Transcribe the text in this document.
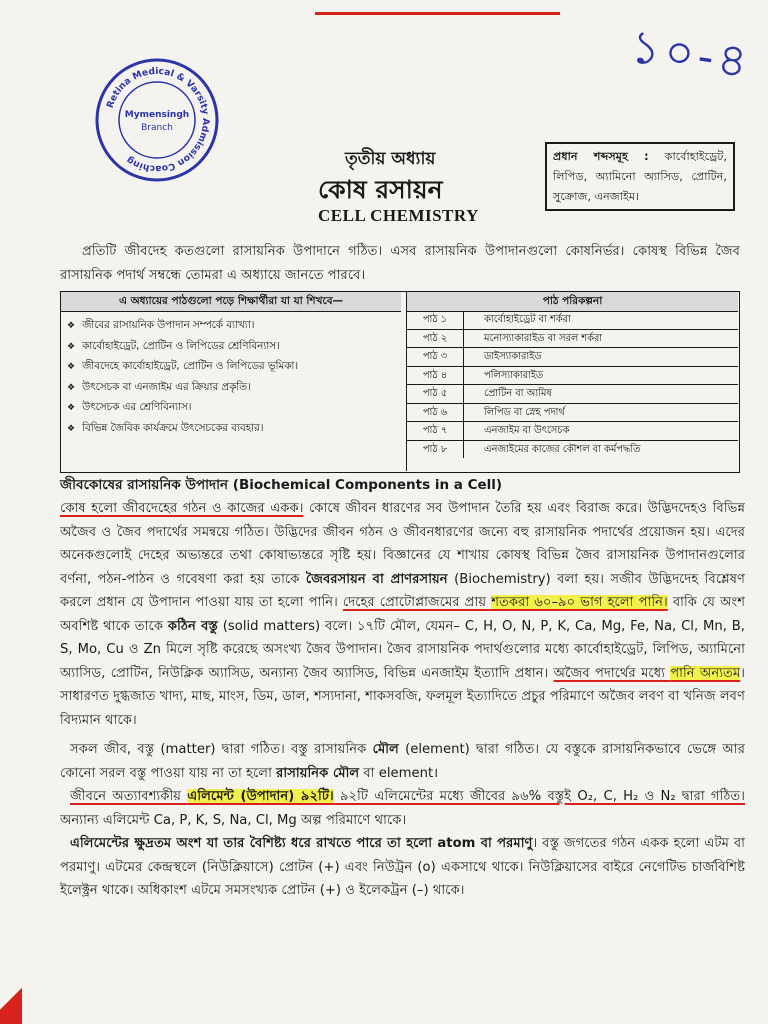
১০-৪
Retina Medical & Varsity Admission Coaching
Mymensingh
Branch
তৃতীয় অধ্যায়
কোষ রসায়ন
CELL CHEMISTRY
প্রধান শব্দসমূহ : কার্বোহাইড্রেট, লিপিড, অ্যামিনো অ্যাসিড, প্রোটিন, সুক্রোজ, এনজাইম।
প্রতিটি জীবদেহ কতগুলো রাসায়নিক উপাদানে গঠিত। এসব রাসায়নিক উপাদানগুলো কোষনির্ভর। কোষস্থ বিভিন্ন জৈব রাসায়নিক পদার্থ সম্বন্ধে তোমরা এ অধ্যায়ে জানতে পারবে।
এ অধ্যায়ের পাঠগুলো পড়ে শিক্ষার্থীরা যা যা শিখবে—	পাঠ পরিকল্পনা
❖ জীবের রাসায়নিক উপাদান সম্পর্কে ব্যাখ্যা।
❖ কার্বোহাইড্রেট, প্রোটিন ও লিপিডের শ্রেণিবিন্যাস।
❖ জীবদেহে কার্বোহাইড্রেট, প্রোটিন ও লিপিডের ভূমিকা।
❖ উৎসেচক বা এনজাইম এর ক্রিয়ার প্রকৃতি।
❖ উৎসেচক এর শ্রেণিবিন্যাস।
❖ বিভিন্ন জৈবিক কার্যক্রমে উৎসেচকের ব্যবহার।
পাঠ ১	কার্বোহাইড্রেট বা শর্করা
পাঠ ২	মনোস্যাকারাইড বা সরল শর্করা
পাঠ ৩	ডাইস্যাকারাইড
পাঠ ৪	পলিস্যাকারাইড
পাঠ ৫	প্রোটিন বা আমিষ
পাঠ ৬	লিপিড বা স্নেহ পদার্থ
পাঠ ৭	এনজাইম বা উৎসেচক
পাঠ ৮	এনজাইমের কাজের কৌশল বা কর্মপদ্ধতি
জীবকোষের রাসায়নিক উপাদান (Biochemical Components in a Cell)
কোষ হলো জীবদেহের গঠন ও কাজের একক। কোষে জীবন ধারণের সব উপাদান তৈরি হয় এবং বিরাজ করে। উদ্ভিদদেহও বিভিন্ন অজৈব ও জৈব পদার্থের সমন্বয়ে গঠিত। উদ্ভিদের জীবন গঠন ও জীবনধারণের জন্যে বহু রাসায়নিক পদার্থের প্রয়োজন হয়। এদের অনেকগুলোই দেহের অভ্যন্তরে তথা কোষাভ্যন্তরে সৃষ্টি হয়। বিজ্ঞানের যে শাখায় কোষস্থ বিভিন্ন জৈব রাসায়নিক উপাদানগুলোর বর্ণনা, পঠন-পাঠন ও গবেষণা করা হয় তাকে জৈবরসায়ন বা প্রাণরসায়ন (Biochemistry) বলা হয়। সজীব উদ্ভিদদেহ বিশ্লেষণ করলে প্রধান যে উপাদান পাওয়া যায় তা হলো পানি। দেহের প্রোটোপ্লাজমের প্রায় শতকরা ৬০–৯০ ভাগ হলো পানি। বাকি যে অংশ অবশিষ্ট থাকে তাকে কঠিন বস্তু (solid matters) বলে। ১৭টি মৌল, যেমন– C, H, O, N, P, K, Ca, Mg, Fe, Na, Cl, Mn, B, S, Mo, Cu ও Zn মিলে সৃষ্টি করেছে অসংখ্য জৈব উপাদান। জৈব রাসায়নিক পদার্থগুলোর মধ্যে কার্বোহাইড্রেট, লিপিড, অ্যামিনো অ্যাসিড, প্রোটিন, নিউক্লিক অ্যাসিড, অন্যান্য জৈব অ্যাসিড, বিভিন্ন এনজাইম ইত্যাদি প্রধান। অজৈব পদার্থের মধ্যে পানি অন্যতম। সাধারণত দুগ্ধজাত খাদ্য, মাছ, মাংস, ডিম, ডাল, শস্যদানা, শাকসবজি, ফলমূল ইত্যাদিতে প্রচুর পরিমাণে অজৈব লবণ বা খনিজ লবণ বিদ্যমান থাকে।
সকল জীব, বস্তু (matter) দ্বারা গঠিত। বস্তু রাসায়নিক মৌল (element) দ্বারা গঠিত। যে বস্তুকে রাসায়নিকভাবে ভেঙ্গে আর কোনো সরল বস্তু পাওয়া যায় না তা হলো রাসায়নিক মৌল বা element।
জীবনে অত্যাবশ্যকীয় এলিমেন্ট (উপাদান) ৯২টি। ৯২টি এলিমেন্টের মধ্যে জীবের ৯৬% বস্তুই O₂, C, H₂ ও N₂ দ্বারা গঠিত। অন্যান্য এলিমেন্ট Ca, P, K, S, Na, Cl, Mg অল্প পরিমাণে থাকে।
এলিমেন্টের ক্ষুদ্রতম অংশ যা তার বৈশিষ্ট্য ধরে রাখতে পারে তা হলো atom বা পরমাণু। বস্তু জগতের গঠন একক হলো এটম বা পরমাণু। এটমের কেন্দ্রস্থলে (নিউক্লিয়াসে) প্রোটন (+) এবং নিউট্রন (o) একসাথে থাকে। নিউক্লিয়াসের বাইরে নেগেটিভ চার্জবিশিষ্ট ইলেক্ট্রন থাকে। অধিকাংশ এটমে সমসংখ্যক প্রোটন (+) ও ইলেকট্রন (–) থাকে।
